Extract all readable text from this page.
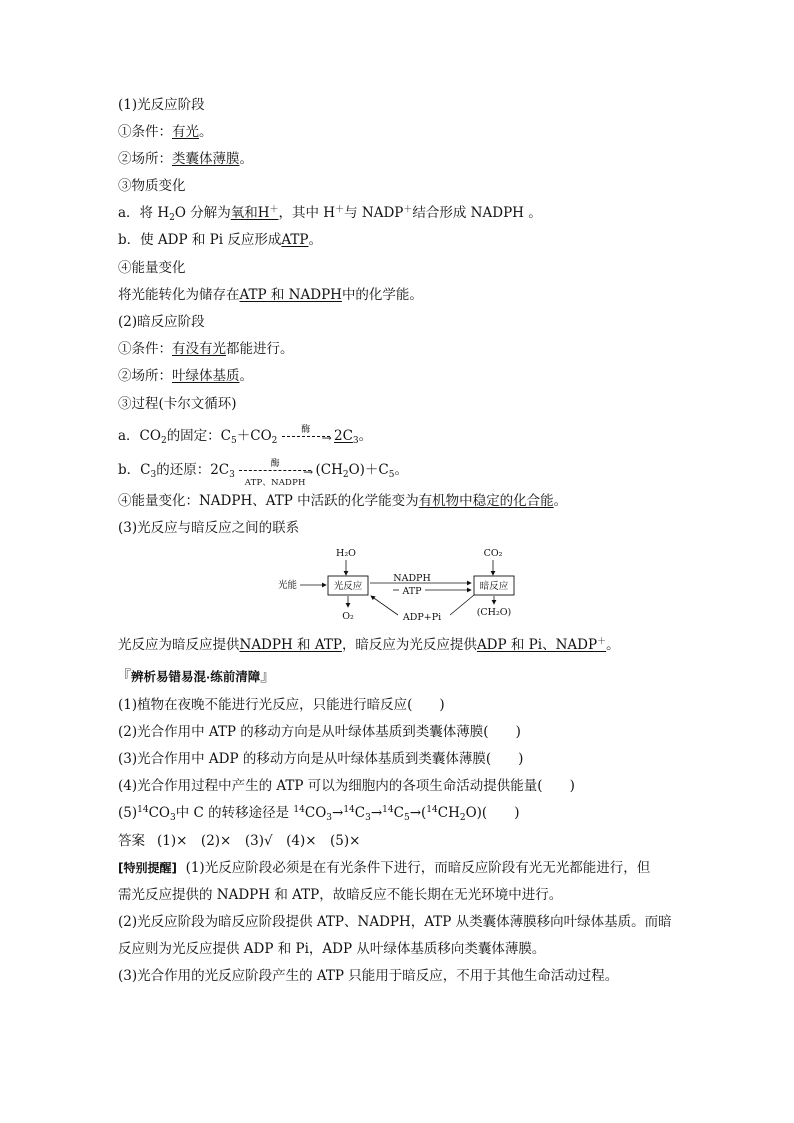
(1)光反应阶段
①条件：有光。
②场所：类囊体薄膜。
③物质变化
a．将 $H_2O$ 分解为氧和H＋，其中 H＋与 NADP＋结合形成 NADPH 。
b．使 ADP 和 Pi 反应形成ATP。
④能量变化
将光能转化为储存在ATP 和 NADPH中的化学能。
(2)暗反应阶段
①条件：有没有光都能进行。
②场所：叶绿体基质。
③过程(卡尔文循环)
a．$CO_2$的固定：$C_5+CO_2$
酶
→ $2C_3$。
b．$C_3$的还原：$2C_3$
酶
ATP、NADPH
→ $(CH_2O)+C_5$。
④能量变化：NADPH、ATP 中活跃的化学能变为有机物中稳定的化合能。
(3)光反应与暗反应之间的联系
H₂O	CO₂
光能	光反应	暗反应
NADPH
ATP
ADP+Pi
O₂	(CH₂O)
光反应为暗反应提供NADPH 和 ATP，暗反应为光反应提供ADP 和 Pi、NADP＋。
『辨析易错易混·练前清障』
(1)植物在夜晚不能进行光反应，只能进行暗反应(　　)
(2)光合作用中 ATP 的移动方向是从叶绿体基质到类囊体薄膜(　　)
(3)光合作用中 ADP 的移动方向是从叶绿体基质到类囊体薄膜(　　)
(4)光合作用过程中产生的 ATP 可以为细胞内的各项生命活动提供能量(　　)
$(5)^{14}CO_3$中 C 的转移途径是 $^{14}CO_3\to^{14}C_3\to^{14}C_5\to(^{14}CH_2O)$(　　)
答案 (1)×　(2)×　(3)√　(4)×　(5)×
[特别提醒] (1)光反应阶段必须是在有光条件下进行，而暗反应阶段有光无光都能进行，但
需光反应提供的 NADPH 和 ATP，故暗反应不能长期在无光环境中进行。
(2)光反应阶段为暗反应阶段提供 ATP、NADPH，ATP 从类囊体薄膜移向叶绿体基质。而暗
反应则为光反应提供 ADP 和 Pi，ADP 从叶绿体基质移向类囊体薄膜。
(3)光合作用的光反应阶段产生的 ATP 只能用于暗反应，不用于其他生命活动过程。
